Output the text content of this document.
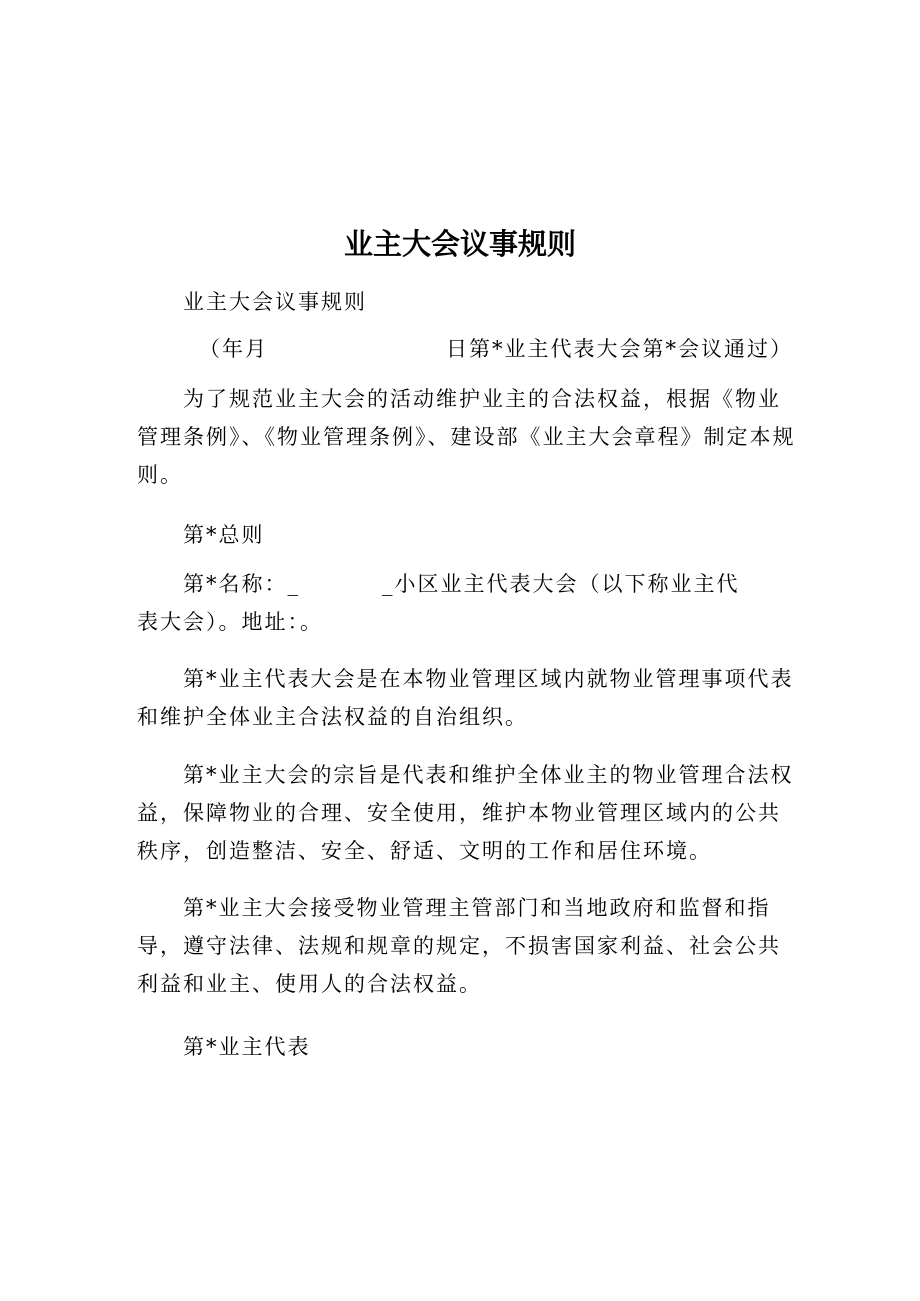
业主大会议事规则
业主大会议事规则
（年月	日第*业主代表大会第*会议通过）

为了规范业主大会的活动维护业主的合法权益，根据《物业管理条例》、《物业管理条例》、建设部《业主大会章程》制定本规则。

第*总则

第*名称：_	_小区业主代表大会（以下称业主代

表大会）。地址：。

第*业主代表大会是在本物业管理区域内就物业管理事项代表和维护全体业主合法权益的自治组织。

第*业主大会的宗旨是代表和维护全体业主的物业管理合法权益，保障物业的合理、安全使用，维护本物业管理区域内的公共秩序，创造整洁、安全、舒适、文明的工作和居住环境。

第*业主大会接受物业管理主管部门和当地政府和监督和指导，遵守法律、法规和规章的规定，不损害国家利益、社会公共利益和业主、使用人的合法权益。

第*业主代表
